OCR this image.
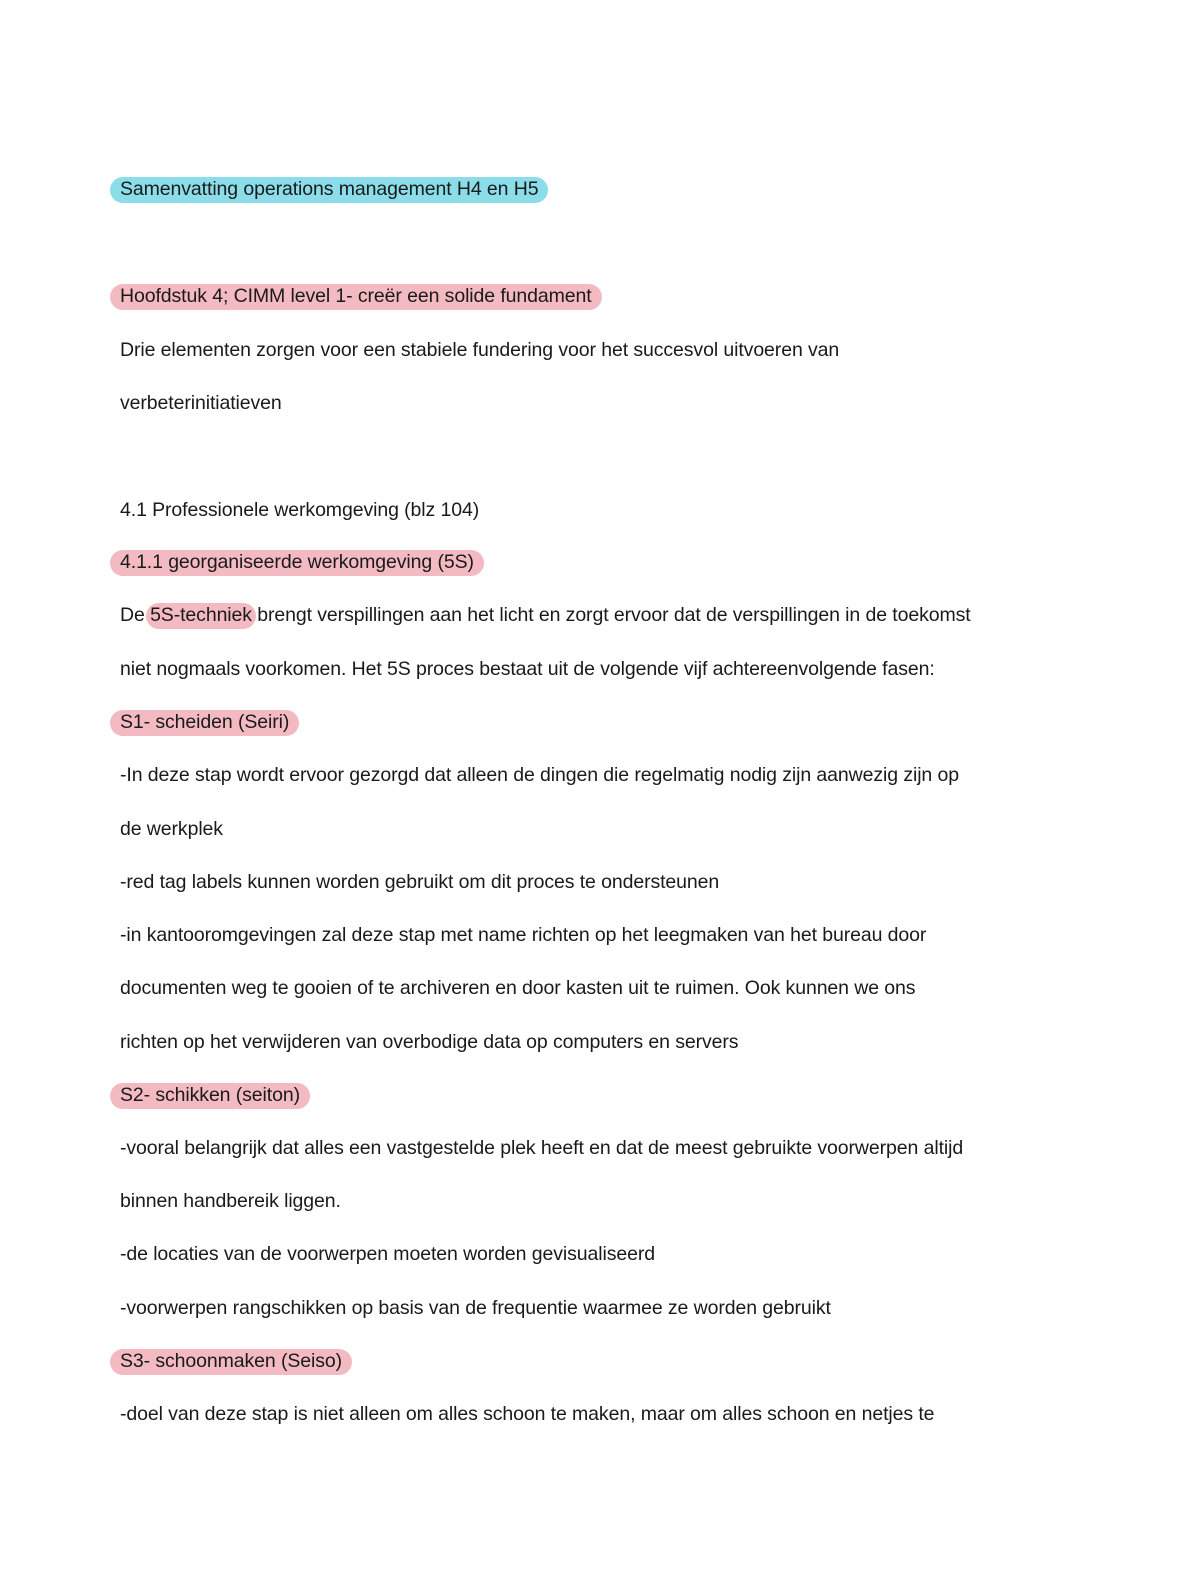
Samenvatting operations management H4 en H5
Hoofdstuk 4; CIMM level 1- creër een solide fundament
Drie elementen zorgen voor een stabiele fundering voor het succesvol uitvoeren van
verbeterinitiatieven
4.1 Professionele werkomgeving (blz 104)
4.1.1 georganiseerde werkomgeving (5S)
De 5S-techniek brengt verspillingen aan het licht en zorgt ervoor dat de verspillingen in de toekomst
niet nogmaals voorkomen. Het 5S proces bestaat uit de volgende vijf achtereenvolgende fasen:
S1- scheiden (Seiri)
-In deze stap wordt ervoor gezorgd dat alleen de dingen die regelmatig nodig zijn aanwezig zijn op
de werkplek
-red tag labels kunnen worden gebruikt om dit proces te ondersteunen
-in kantooromgevingen zal deze stap met name richten op het leegmaken van het bureau door
documenten weg te gooien of te archiveren en door kasten uit te ruimen. Ook kunnen we ons
richten op het verwijderen van overbodige data op computers en servers
S2- schikken (seiton)
-vooral belangrijk dat alles een vastgestelde plek heeft en dat de meest gebruikte voorwerpen altijd
binnen handbereik liggen.
-de locaties van de voorwerpen moeten worden gevisualiseerd
-voorwerpen rangschikken op basis van de frequentie waarmee ze worden gebruikt
S3- schoonmaken (Seiso)
-doel van deze stap is niet alleen om alles schoon te maken, maar om alles schoon en netjes te
